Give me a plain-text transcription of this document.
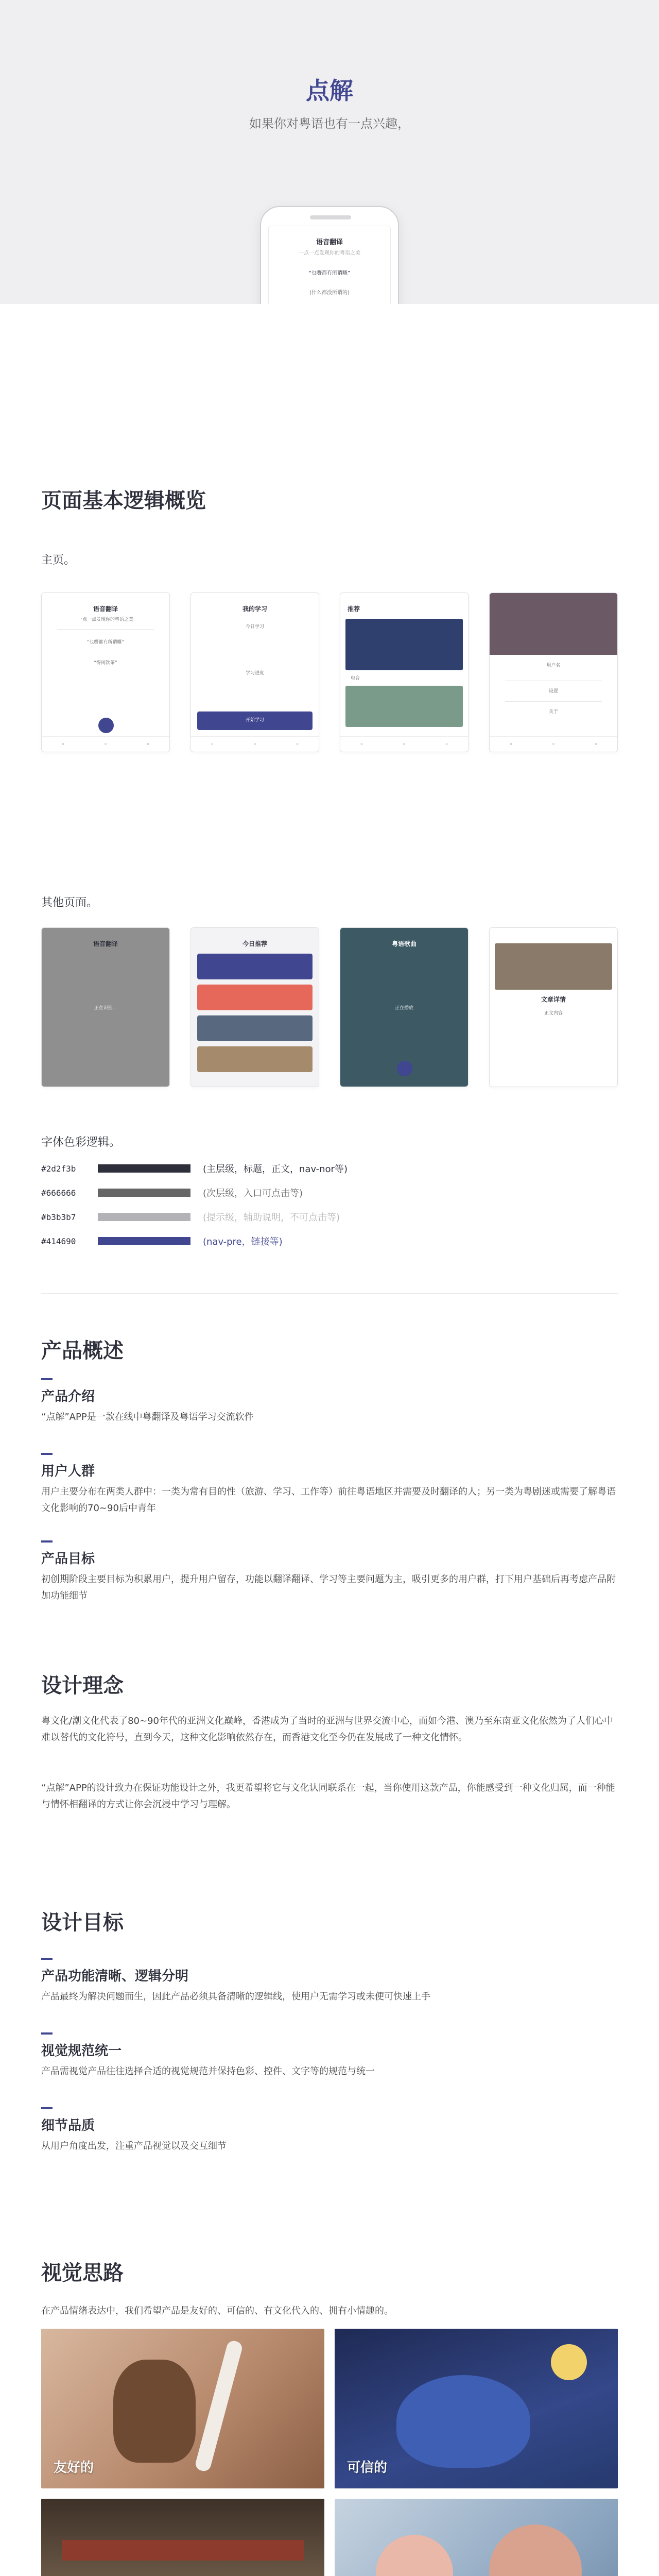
点解
如果你对粤语也有一点兴趣，
语音翻译
一点一点发现你的粤语之美
“乜嘢都冇所谓嘅”
(什么都没所谓的)
页面基本逻辑概览
主页。
语音翻译
一点一点发现你的粤语之美
“乜嘢都冇所谓嘅”
“得闲饮茶”
◦	◦	◦
我的学习
今日学习
学习进度
开始学习
◦	◦	◦
推荐
电台
◦	◦	◦
用户名
设置
关于
◦	◦	◦
其他页面。
语音翻译
正在识别...
今日推荐	粤语歌曲
正在播放
文章详情
正文内容
字体色彩逻辑。
#2d2f3b	(主层级，标题，正文，nav-nor等)
#666666	(次层级，入口可点击等)
#b3b3b7	(提示级，辅助说明，不可点击等)
#414690	(nav-pre，链接等)
产品概述
产品介绍
“点解”APP是一款在线中粤翻译及粤语学习交流软件
用户人群
用户主要分布在两类人群中：一类为常有目的性（旅游、学习、工作等）前往粤语地区并需要及时翻译的人；另一类为粤剧迷或需要了解粤语文化影响的70~90后中青年
产品目标
初创期阶段主要目标为积累用户，提升用户留存，功能以翻译翻译、学习等主要问题为主，吸引更多的用户群，打下用户基础后再考虑产品附加功能细节
设计理念
粤文化/潮文化代表了80~90年代的亚洲文化巅峰，香港成为了当时的亚洲与世界交流中心，而如今港、澳乃至东南亚文化依然为了人们心中难以替代的文化符号，直到今天，这种文化影响依然存在，而香港文化至今仍在发展成了一种文化情怀。
“点解”APP的设计致力在保证功能设计之外，我更希望将它与文化认同联系在一起，当你使用这款产品，你能感受到一种文化归属，而一种能与情怀相翻译的方式让你会沉浸中学习与理解。
设计目标
产品功能清晰、逻辑分明
产品最终为解决问题而生，因此产品必须具备清晰的逻辑线，使用户无需学习或未便可快速上手
视觉规范统一
产品需视觉产品往往选择合适的视觉规范并保持色彩、控件、文字等的规范与统一
细节品质
从用户角度出发，注重产品视觉以及交互细节
视觉思路
在产品情绪表达中，我们希望产品是友好的、可信的、有文化代入的、拥有小情趣的。
友好的	可信的
